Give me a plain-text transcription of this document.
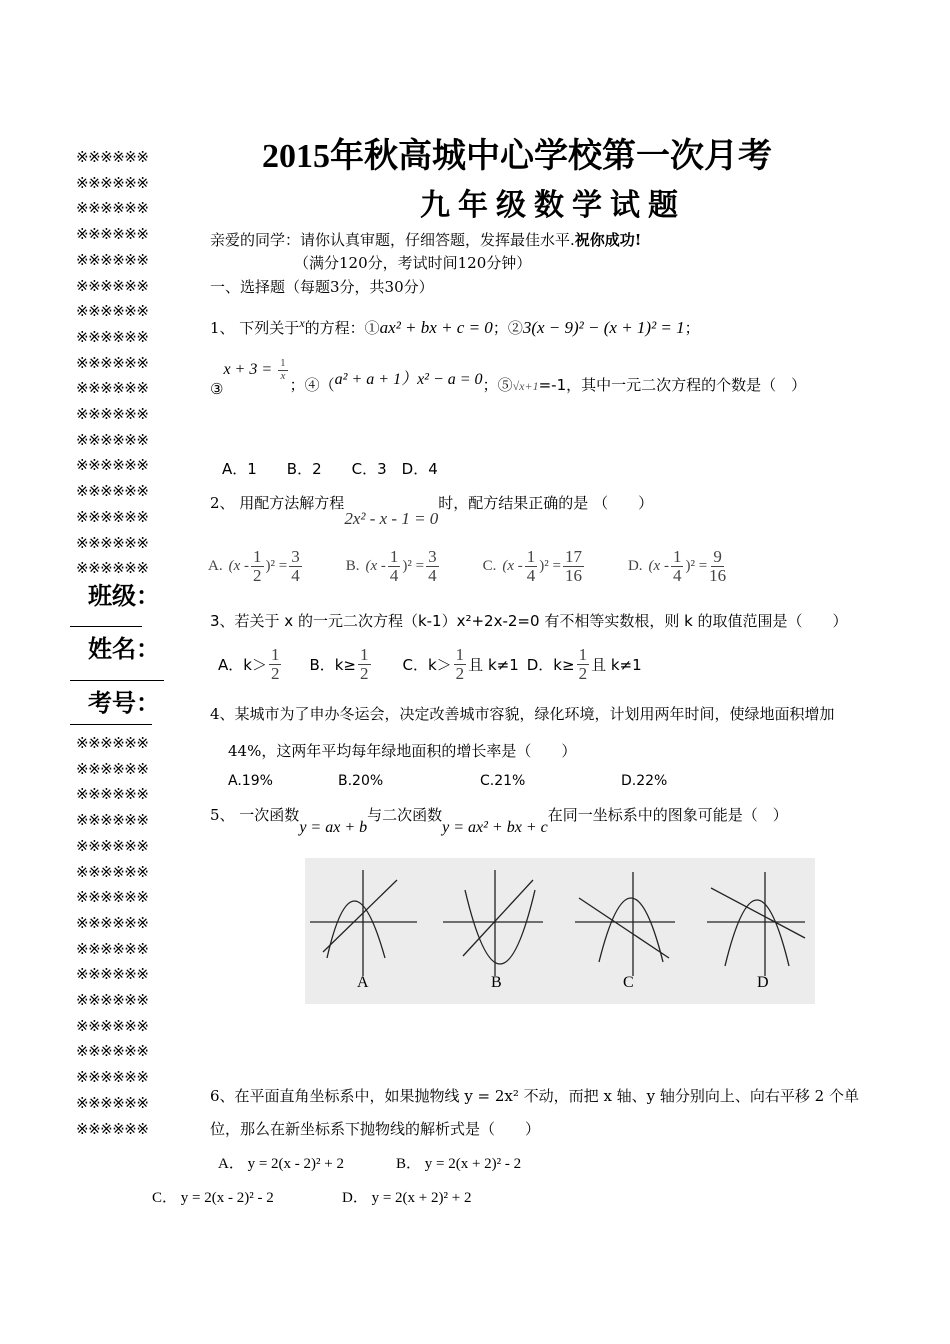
※※※※※※
※※※※※※
※※※※※※
※※※※※※
※※※※※※
※※※※※※
※※※※※※
※※※※※※
※※※※※※
※※※※※※
※※※※※※
※※※※※※
※※※※※※
※※※※※※
※※※※※※
※※※※※※
※※※※※※
※※※※※※
※※※※※※
※※※※※※
※※※※※※
※※※※※※
※※※※※※
※※※※※※
※※※※※※
※※※※※※
※※※※※※
※※※※※※
※※※※※※
※※※※※※
※※※※※※
※※※※※※
※※※※※※
班级：
姓名：
考号：
2015年秋高城中心学校第一次月考
九年级数学试题
亲爱的同学：请你认真审题，仔细答题，发挥最佳水平.祝你成功!
（满分120分，考试时间120分钟）
一、选择题（每题3分，共30分）
1、 下列关于$^x$的方程：①ax² + bx + c = 0；②3(x − 9)² − (x + 1)² = 1；
③x + $3 = \frac{1}{x}$
；④（a² + a + 1）x² − a = 0；⑤√x+1=-1，其中一元二次方程的个数是（　）
A．1　　B．2　　C．3　D．4
2、 用配方法解方程2x² - x - 1 = 0时，配方结果正确的是 （　　）
A. $(x - \frac{1}{2} )^2 = \frac{3}{4}$	B. $(x - \frac{1}{4} )^2 = \frac{3}{4}$	C. $(x - \frac{1}{4} )^2 = \frac{17}{16}$	D. $(x - \frac{1}{4} )^2 = \frac{9}{16}$
3、若关于 x 的一元二次方程（k-1）x²+2x-2=0 有不相等实数根，则 k 的取值范围是（　　）
A．$k> \frac{1}{2}$ B．$k\ge \frac{1}{2}$ C．$k> \frac{1}{2}$ 且 k≠1 D．$k\ge \frac{1}{2}$ 且 k≠1
4、某城市为了申办冬运会，决定改善城市容貌，绿化环境，计划用两年时间，使绿地面积增加
44%，这两年平均每年绿地面积的增长率是（　　）
A.19%	B.20%	C.21%	D.22%
5、 一次函数y = ax + b与二次函数y = ax² + bx + c在同一坐标系中的图象可能是（　）
A	B	C	D
6、在平面直角坐标系中，如果抛物线 y = 2x² 不动，而把 x 轴、y 轴分别向上、向右平移 2 个单
位，那么在新坐标系下抛物线的解析式是（　　）
A． y = 2(x - 2)² + 2	B． y = 2(x + 2)² - 2
C． y = 2(x - 2)² - 2	D． y = 2(x + 2)² + 2
